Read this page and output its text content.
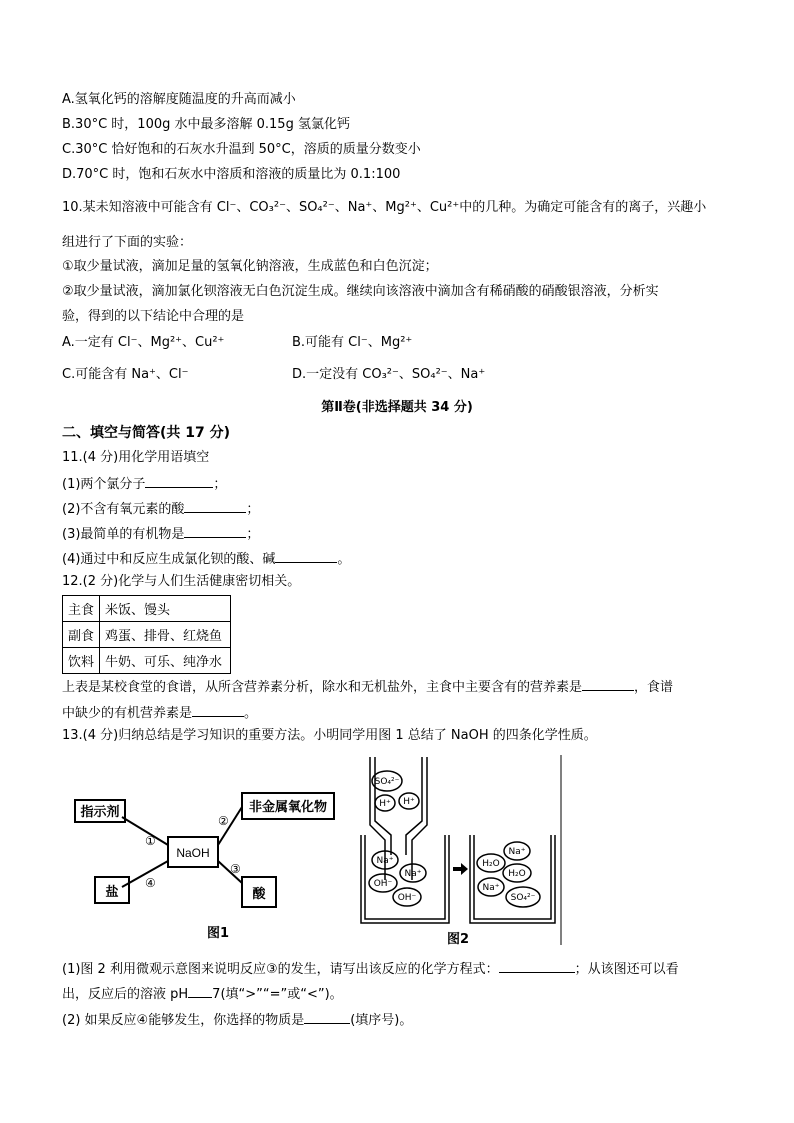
A.氢氧化钙的溶解度随温度的升高而减小
B.30°C 时，100g 水中最多溶解 0.15g 氢氯化钙
C.30°C 恰好饱和的石灰水升温到 50°C，溶质的质量分数变小
D.70°C 时，饱和石灰水中溶质和溶液的质量比为 0.1:100
10.某未知溶液中可能含有 Cl⁻、CO₃²⁻、SO₄²⁻、Na⁺、Mg²⁺、Cu²⁺中的几种。为确定可能含有的离子，兴趣小
组进行了下面的实验：
①取少量试液，滴加足量的氢氧化钠溶液，生成蓝色和白色沉淀；
②取少量试液，滴加氯化钡溶液无白色沉淀生成。继续向该溶液中滴加含有稀硝酸的硝酸银溶液，分析实
验，得到的以下结论中合理的是
A.一定有 Cl⁻、Mg²⁺、Cu²⁺	B.可能有 Cl⁻、Mg²⁺
C.可能含有 Na⁺、Cl⁻	D.一定没有 CO₃²⁻、SO₄²⁻、Na⁺
第Ⅱ卷(非选择题共 34 分)
二、填空与简答(共 17 分)
11.(4 分)用化学用语填空
(1)两个氯分子	；
(2)不含有氧元素的酸	；
(3)最简单的有机物是	；
(4)通过中和反应生成氯化钡的酸、碱	。
12.(2 分)化学与人们生活健康密切相关。
主食	米饭、馒头
副食	鸡蛋、排骨、红烧鱼
饮料	牛奶、可乐、纯净水
上表是某校食堂的食谱，从所含营养素分析，除水和无机盐外，主食中主要含有的营养素是	，食谱
中缺少的有机营养素是	。
13.(4 分)归纳总结是学习知识的重要方法。小明同学用图 1 总结了 NaOH 的四条化学性质。
指示剂
NaOH
非金属氧化物
盐	酸
①
②
③
④
图1
SO₄²⁻
H⁺ H⁺
Na⁺
OH⁻
Na⁺
OH⁻
H₂O
Na⁺
H₂O
Na⁺
SO₄²⁻
图2
(1)图 2 利用微观示意图来说明反应③的发生，请写出该反应的化学方程式：	；从该图还可以看
出，反应后的溶液 pH 7(填“>”“=”或“<”)。
(2) 如果反应④能够发生，你选择的物质是	(填序号)。
